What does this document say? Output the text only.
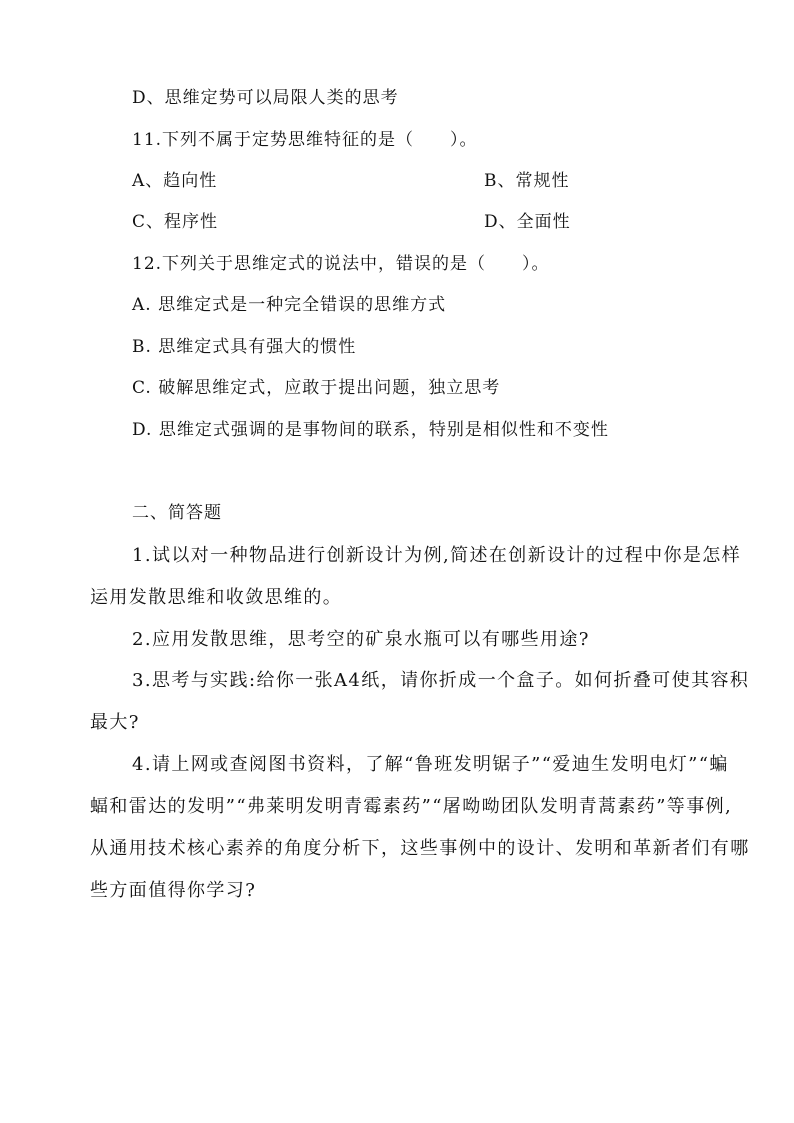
D、思维定势可以局限人类的思考
11.下列不属于定势思维特征的是（　　）。
A、趋向性	B、常规性
C、程序性	D、全面性
12.下列关于思维定式的说法中，错误的是（　　）。
A. 思维定式是一种完全错误的思维方式
B. 思维定式具有强大的惯性
C. 破解思维定式，应敢于提出问题，独立思考
D. 思维定式强调的是事物间的联系，特别是相似性和不变性
二、简答题
1.试以对一种物品进行创新设计为例,简述在创新设计的过程中你是怎样
运用发散思维和收敛思维的。
2.应用发散思维，思考空的矿泉水瓶可以有哪些用途?
3.思考与实践:给你一张A4纸，请你折成一个盒子。如何折叠可使其容积
最大?
4.请上网或查阅图书资料，了解“鲁班发明锯子”“爱迪生发明电灯”“蝙
蝠和雷达的发明”“弗莱明发明青霉素药”“屠呦呦团队发明青蒿素药”等事例,
从通用技术核心素养的角度分析下，这些事例中的设计、发明和革新者们有哪
些方面值得你学习?
